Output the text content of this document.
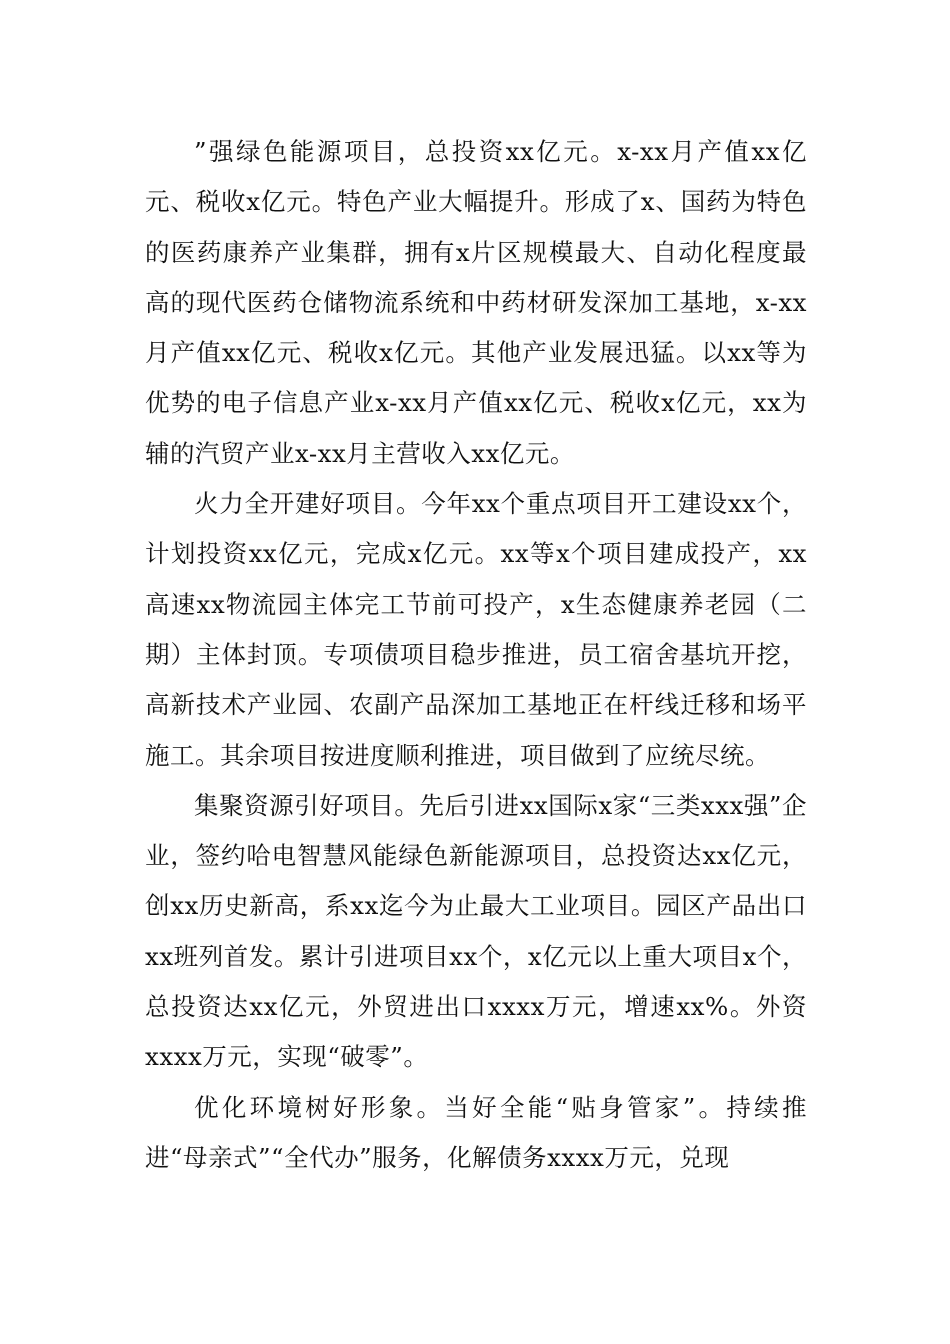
”强绿色能源项目，总投资xx亿元。x-xx月产值xx亿元、税收x亿元。特色产业大幅提升。形成了x、国药为特色的医药康养产业集群，拥有x片区规模最大、自动化程度最高的现代医药仓储物流系统和中药材研发深加工基地，x-xx月产值xx亿元、税收x亿元。其他产业发展迅猛。以xx等为优势的电子信息产业x-xx月产值xx亿元、税收x亿元，xx为辅的汽贸产业x-xx月主营收入xx亿元。

火力全开建好项目。今年xx个重点项目开工建设xx个，计划投资xx亿元，完成x亿元。xx等x个项目建成投产，xx高速xx物流园主体完工节前可投产，x生态健康养老园（二期）主体封顶。专项债项目稳步推进，员工宿舍基坑开挖，高新技术产业园、农副产品深加工基地正在杆线迁移和场平施工。其余项目按进度顺利推进，项目做到了应统尽统。

集聚资源引好项目。先后引进xx国际x家“三类xxx强”企业，签约哈电智慧风能绿色新能源项目，总投资达xx亿元，创xx历史新高，系xx迄今为止最大工业项目。园区产品出口xx班列首发。累计引进项目xx个，x亿元以上重大项目x个，总投资达xx亿元，外贸进出口xxxx万元，增速xx%。外资xxxx万元，实现“破零”。

优化环境树好形象。当好全能“贴身管家”。持续推进“母亲式”“全代办”服务，化解债务xxxx万元，兑现
